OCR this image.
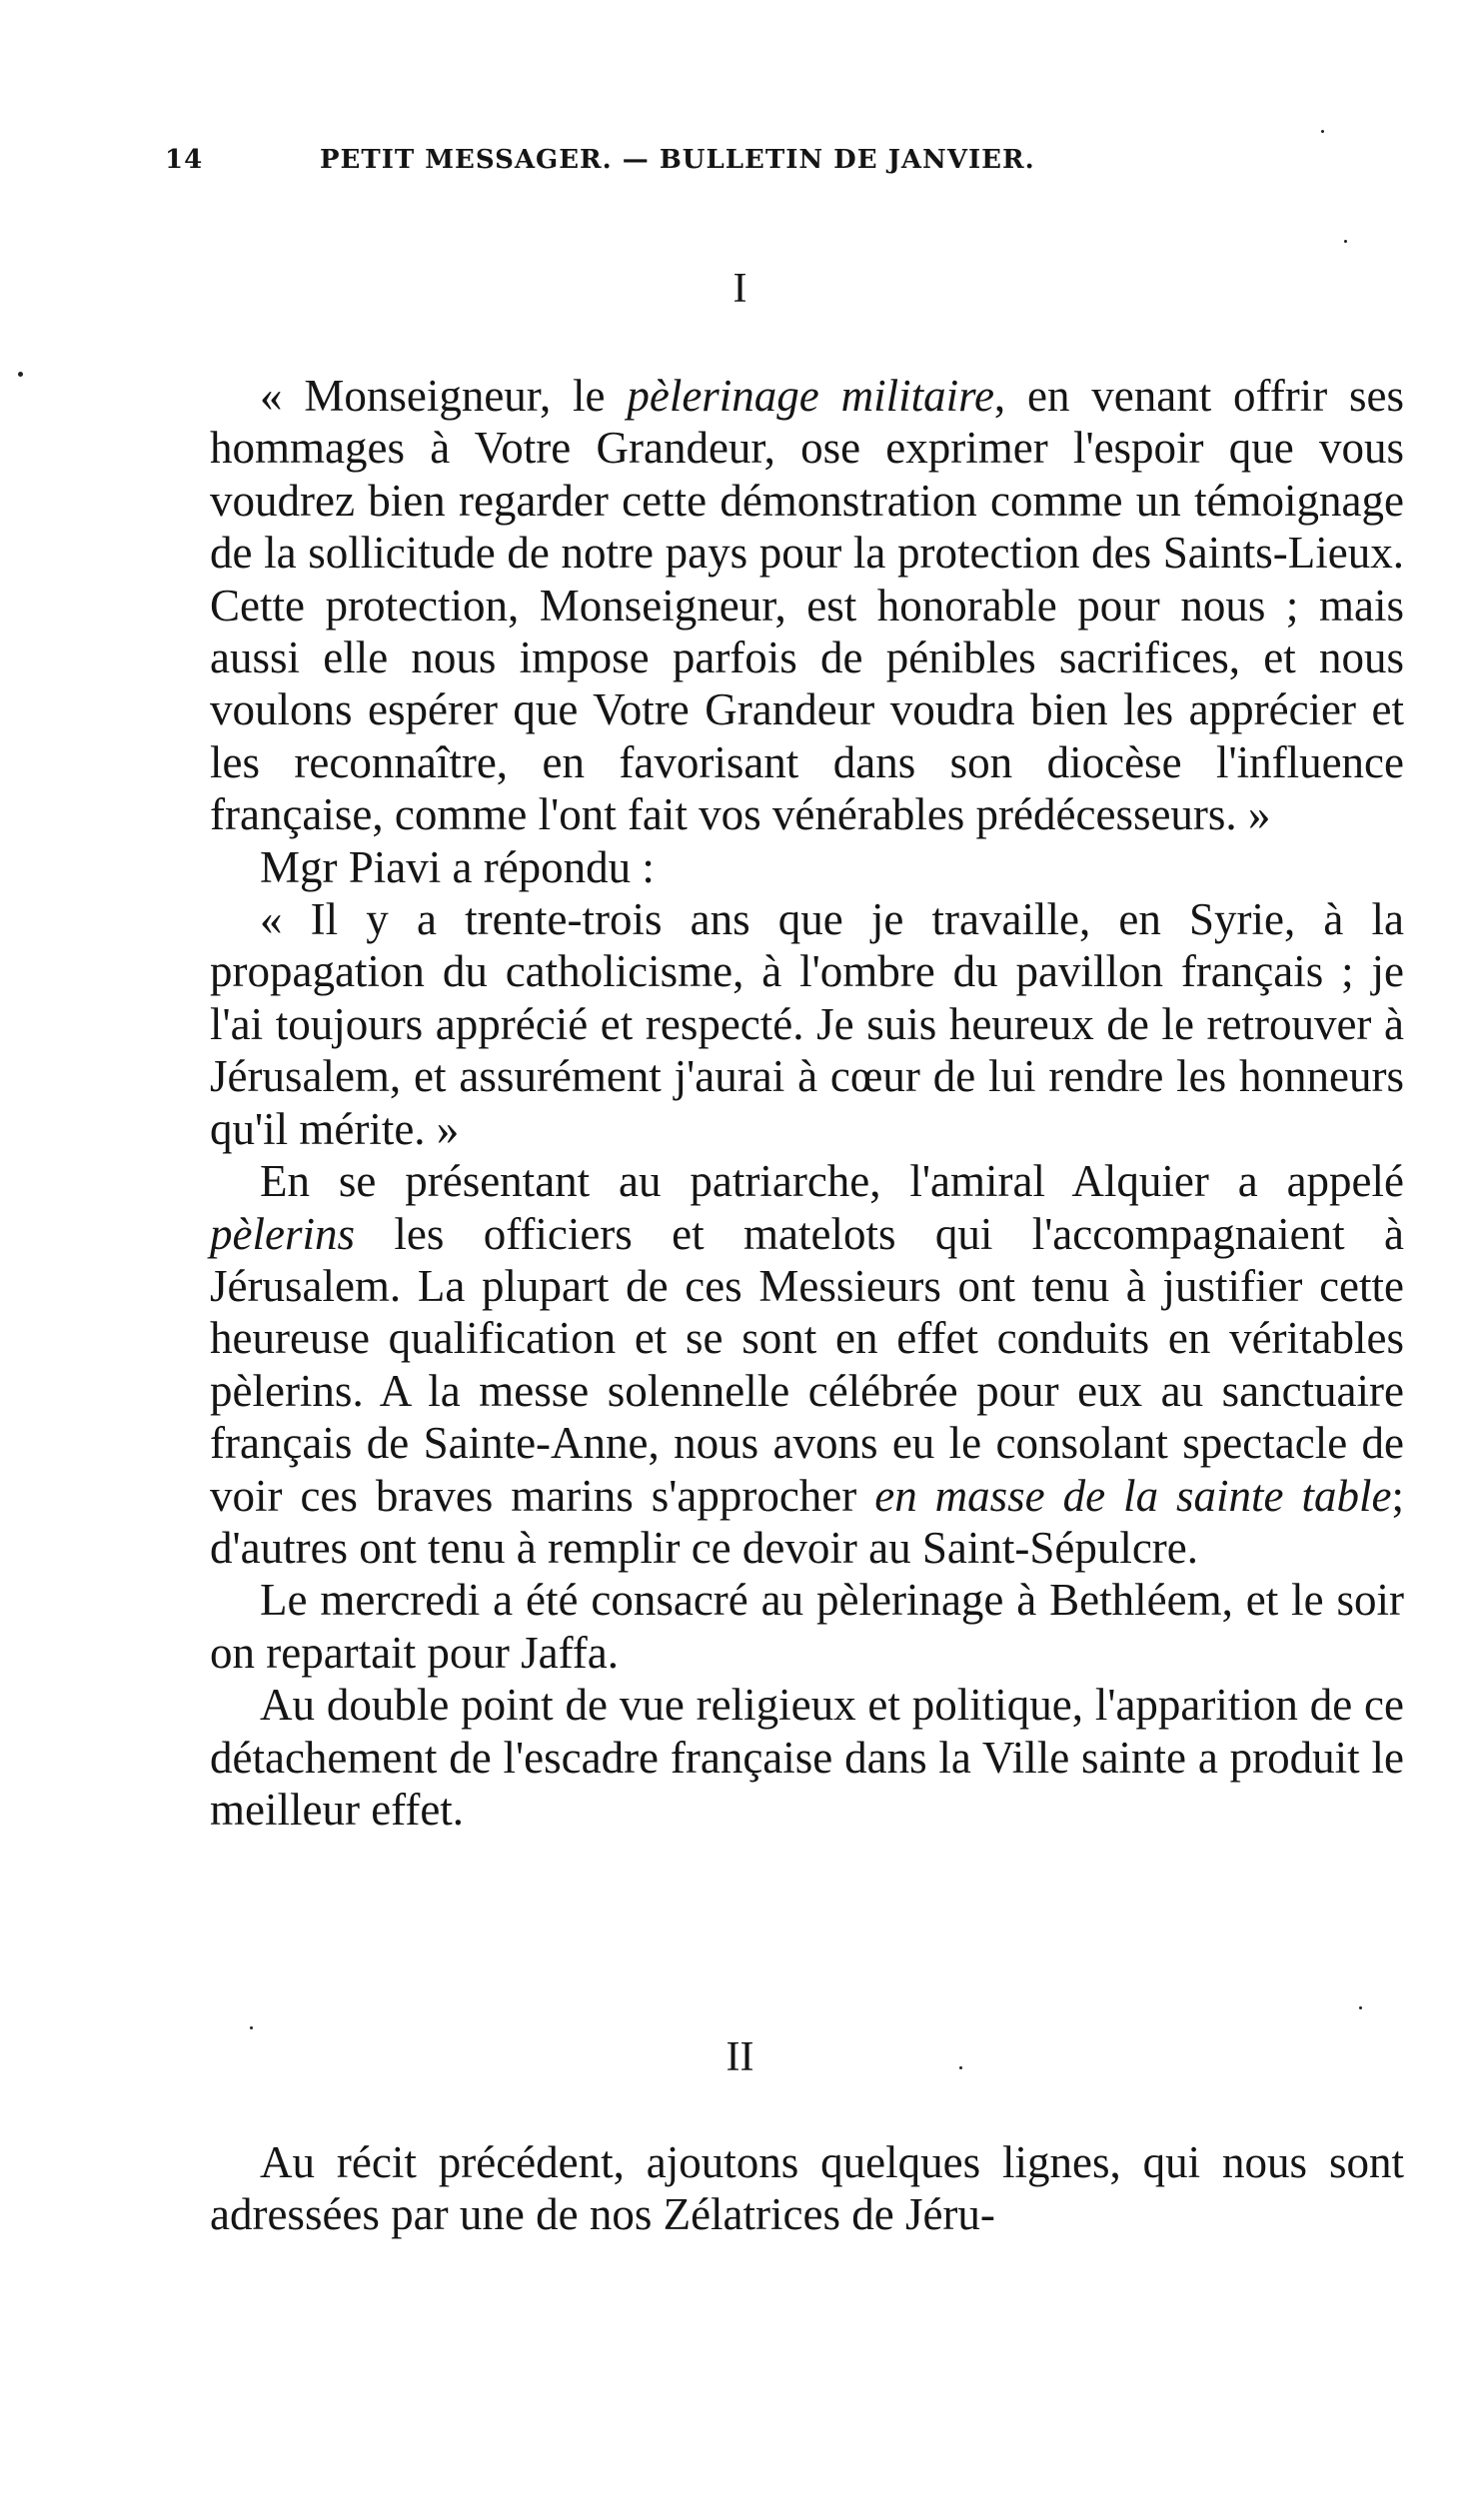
14	PETIT MESSAGER. — BULLETIN DE JANVIER.
I

« Monseigneur, le pèlerinage militaire, en venant offrir ses hommages à Votre Grandeur, ose exprimer l'espoir que vous voudrez bien regarder cette démonstration comme un témoignage de la sollicitude de notre pays pour la protection des Saints-Lieux. Cette protection, Monseigneur, est honorable pour nous ; mais aussi elle nous impose parfois de pénibles sacrifices, et nous voulons espérer que Votre Grandeur voudra bien les apprécier et les reconnaître, en favorisant dans son diocèse l'influence française, comme l'ont fait vos vénérables prédécesseurs. »

Mgr Piavi a répondu :

« Il y a trente-trois ans que je travaille, en Syrie, à la propagation du catholicisme, à l'ombre du pavillon français ; je l'ai toujours apprécié et respecté. Je suis heureux de le retrouver à Jérusalem, et assurément j'aurai à cœur de lui rendre les honneurs qu'il mérite. »

En se présentant au patriarche, l'amiral Alquier a appelé pèlerins les officiers et matelots qui l'accompagnaient à Jérusalem. La plupart de ces Messieurs ont tenu à justifier cette heureuse qualification et se sont en effet conduits en véritables pèlerins. A la messe solennelle célébrée pour eux au sanctuaire français de Sainte-Anne, nous avons eu le consolant spectacle de voir ces braves marins s'approcher en masse de la sainte table; d'autres ont tenu à remplir ce devoir au Saint-Sépulcre.

Le mercredi a été consacré au pèlerinage à Bethléem, et le soir on repartait pour Jaffa.

Au double point de vue religieux et politique, l'apparition de ce détachement de l'escadre française dans la Ville sainte a produit le meilleur effet.

II

Au récit précédent, ajoutons quelques lignes, qui nous sont adressées par une de nos Zélatrices de Jéru-
